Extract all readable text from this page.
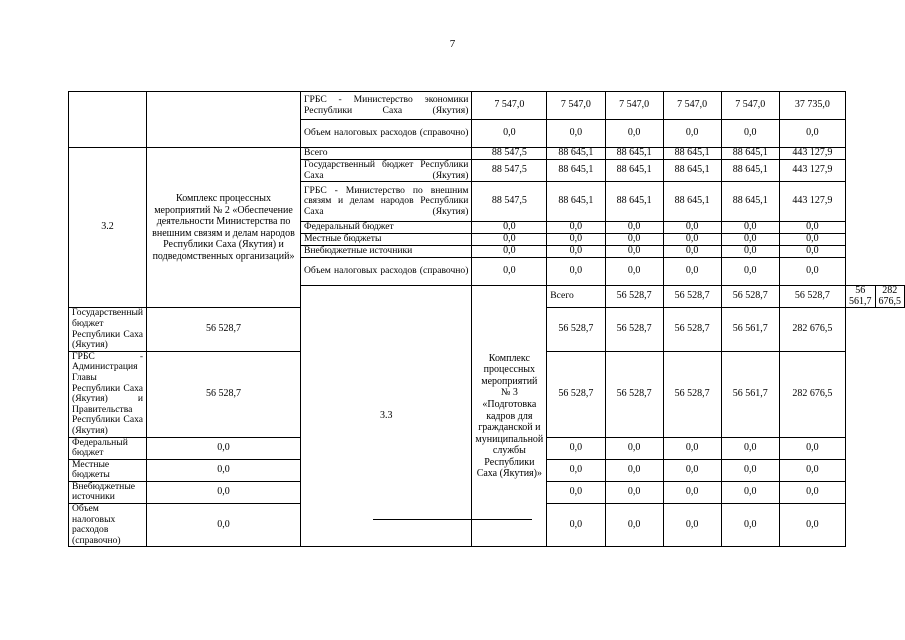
7
		ГРБС - Министерство экономики Республики Саха (Якутия)	7 547,0	7 547,0	7 547,0	7 547,0	7 547,0	37 735,0		
		Объем налоговых расходов (справочно)	0,0	0,0	0,0	0,0	0,0	0,0		
3.2	Комплекс процессных мероприятий № 2 «Обеспечение деятельности Министерства по внешним связям и делам народов Республики Саха (Якутия) и подведомственных организаций»	Всего	88 547,5	88 645,1	88 645,1	88 645,1	88 645,1	443 127,9		
		Государственный бюджет Республики Саха (Якутия)	88 547,5	88 645,1	88 645,1	88 645,1	88 645,1	443 127,9		
		ГРБС - Министерство по внешним связям и делам народов Республики Саха (Якутия)	88 547,5	88 645,1	88 645,1	88 645,1	88 645,1	443 127,9		
		Федеральный бюджет	0,0	0,0	0,0	0,0	0,0	0,0		
		Местные бюджеты	0,0	0,0	0,0	0,0	0,0	0,0		
		Внебюджетные источники	0,0	0,0	0,0	0,0	0,0	0,0		
		Объем налоговых расходов (справочно)	0,0	0,0	0,0	0,0	0,0	0,0		
		3.3	Комплекс процессных мероприятий № 3 «Подготовка кадров для гражданской и муниципальной службы Республики Саха (Якутия)»	Всего	56 528,7	56 528,7	56 528,7	56 528,7	56 561,7	282 676,5
Государственный бюджет Республики Саха (Якутия)	56 528,7			56 528,7	56 528,7	56 528,7	56 561,7	282 676,5		
ГРБС - Администрация Главы Республики Саха (Якутия) и Правительства Республики Саха (Якутия)	56 528,7			56 528,7	56 528,7	56 528,7	56 561,7	282 676,5		
Федеральный бюджет	0,0			0,0	0,0	0,0	0,0	0,0		
Местные бюджеты	0,0			0,0	0,0	0,0	0,0	0,0		
Внебюджетные источники	0,0			0,0	0,0	0,0	0,0	0,0		
Объем налоговых расходов (справочно)	0,0			0,0	0,0	0,0	0,0	0,0		
